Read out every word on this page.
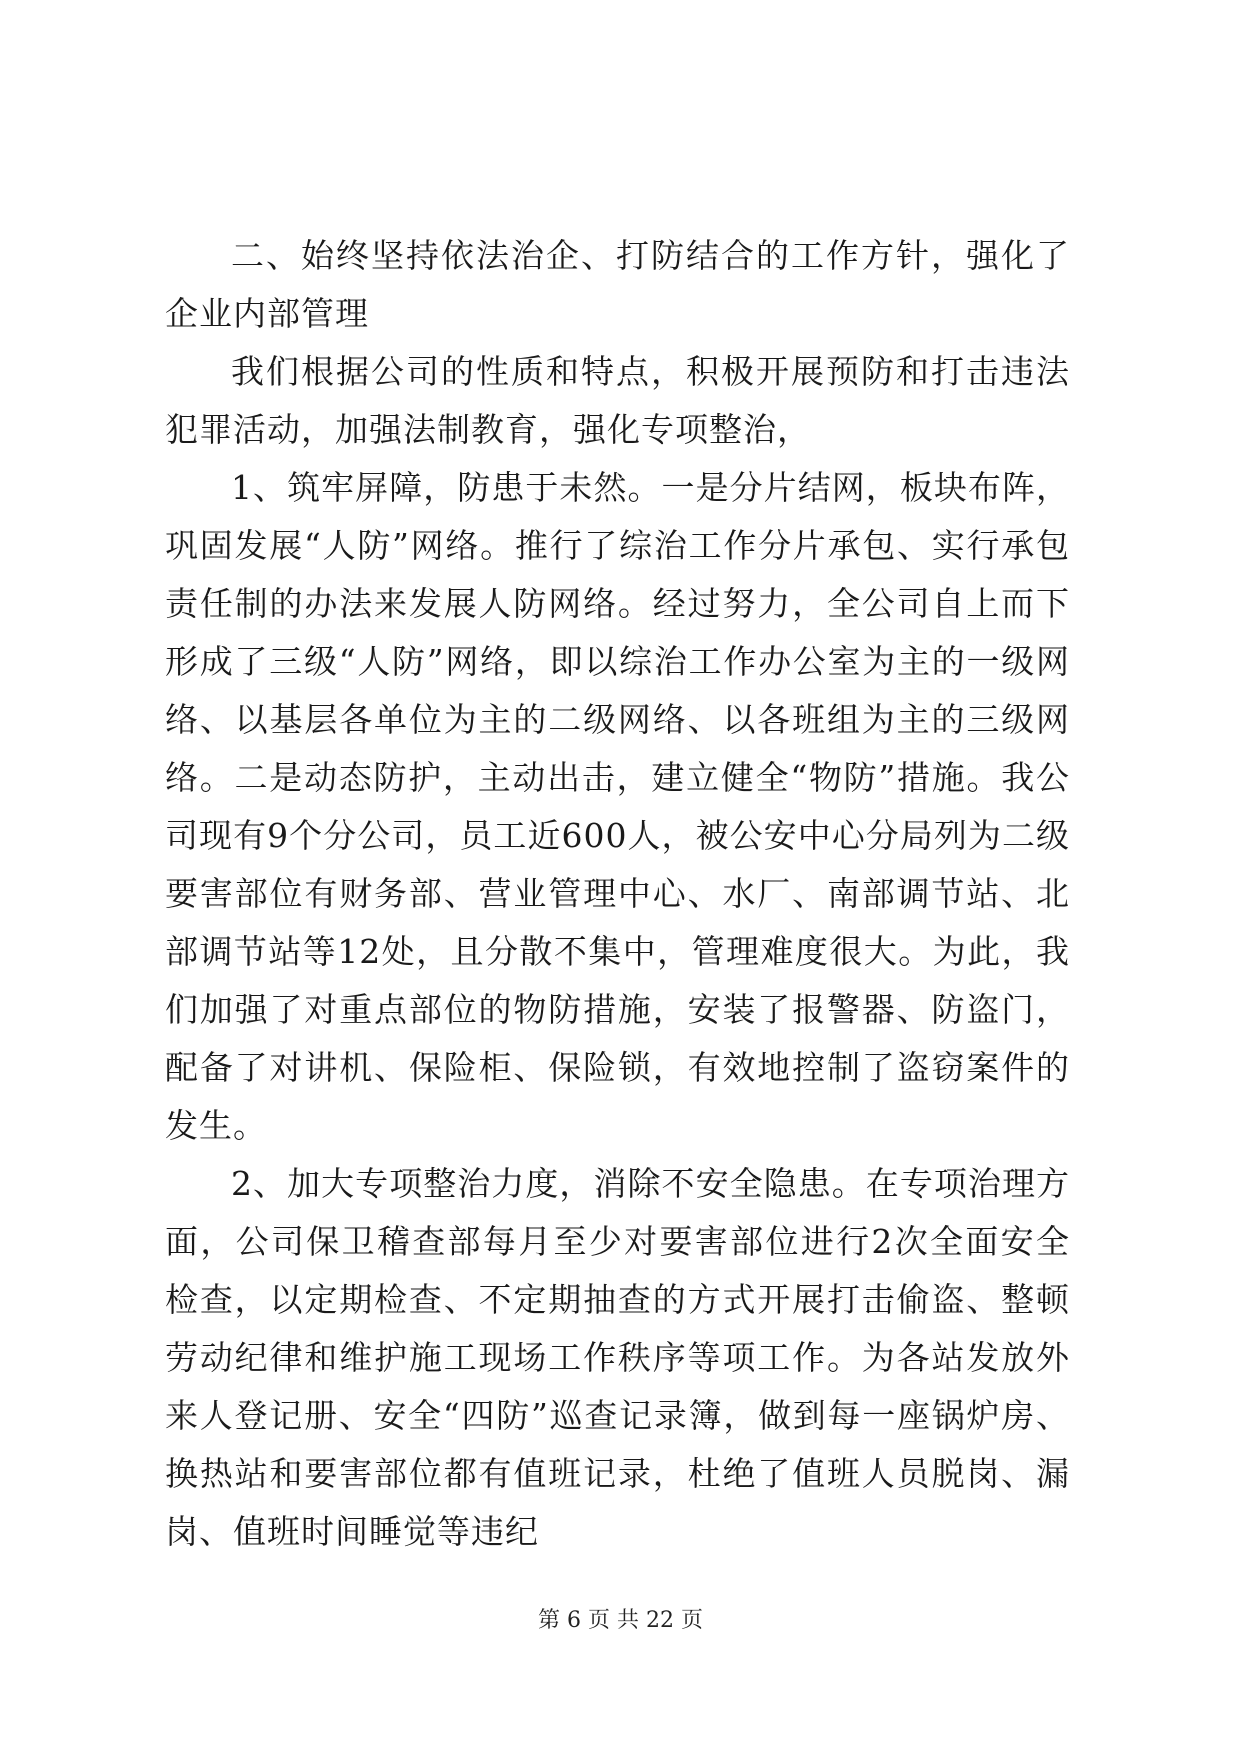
二、始终坚持依法治企、打防结合的工作方针，强化了企业内部管理

我们根据公司的性质和特点，积极开展预防和打击违法犯罪活动，加强法制教育，强化专项整治，

1、筑牢屏障，防患于未然。一是分片结网，板块布阵，巩固发展“人防”网络。推行了综治工作分片承包、实行承包责任制的办法来发展人防网络。经过努力，全公司自上而下形成了三级“人防”网络，即以综治工作办公室为主的一级网络、以基层各单位为主的二级网络、以各班组为主的三级网络。二是动态防护，主动出击，建立健全“物防”措施。我公司现有9个分公司，员工近600人，被公安中心分局列为二级要害部位有财务部、营业管理中心、水厂、南部调节站、北部调节站等12处，且分散不集中，管理难度很大。为此，我们加强了对重点部位的物防措施，安装了报警器、防盗门，配备了对讲机、保险柜、保险锁，有效地控制了盗窃案件的发生。

2、加大专项整治力度，消除不安全隐患。在专项治理方面，公司保卫稽查部每月至少对要害部位进行2次全面安全检查，以定期检查、不定期抽查的方式开展打击偷盗、整顿劳动纪律和维护施工现场工作秩序等项工作。为各站发放外来人登记册、安全“四防”巡查记录簿，做到每一座锅炉房、换热站和要害部位都有值班记录，杜绝了值班人员脱岗、漏岗、值班时间睡觉等违纪

第 6 页 共 22 页
